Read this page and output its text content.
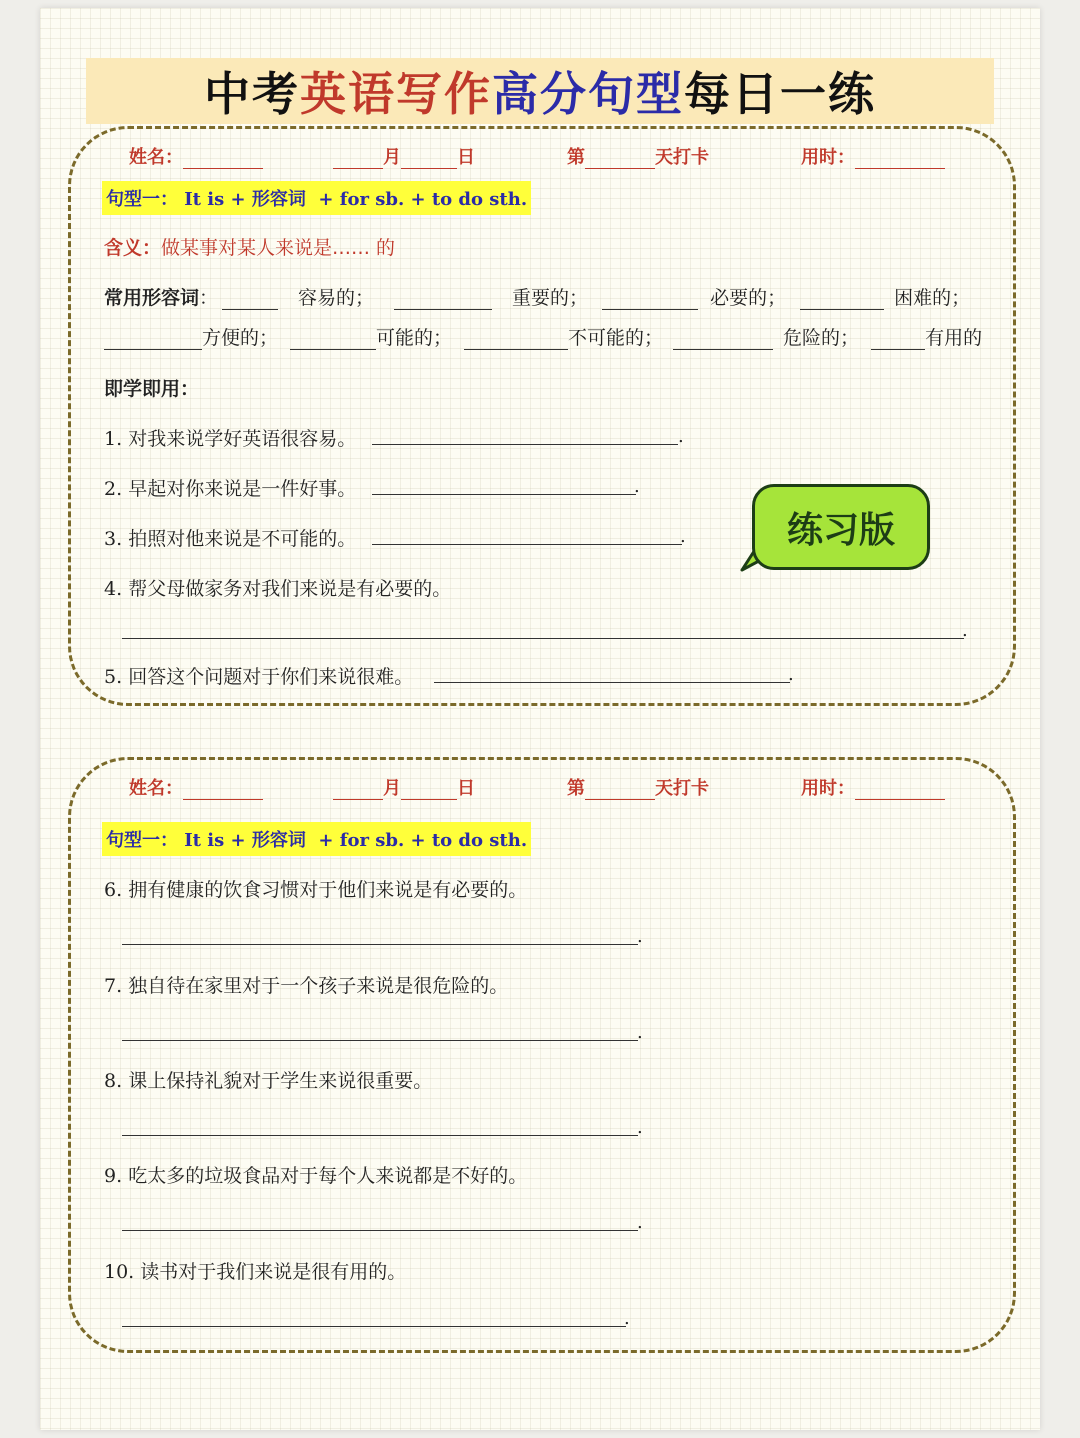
中考 英语写作 高分句型 每日一练
姓名：	月	日	第	天打卡	用时：
句型一： It is + 形容词  + for sb. + to do sth.
含义：做某事对某人来说是…… 的
常用形容词：	容易的；	重要的；	必要的；	困难的；
方便的；	可能的；	不可能的；	危险的；	有用的
即学即用：
1. 对我来说学好英语很容易。	.
2. 早起对你来说是一件好事。	.
3. 拍照对他来说是不可能的。	.
4. 帮父母做家务对我们来说是有必要的。
.
5. 回答这个问题对于你们来说很难。	.
练习版
姓名：	月	日	第	天打卡	用时：
句型一： It is + 形容词  + for sb. + to do sth.
6. 拥有健康的饮食习惯对于他们来说是有必要的。
.
7. 独自待在家里对于一个孩子来说是很危险的。
.
8. 课上保持礼貌对于学生来说很重要。
.
9. 吃太多的垃圾食品对于每个人来说都是不好的。
.
10. 读书对于我们来说是很有用的。
.
